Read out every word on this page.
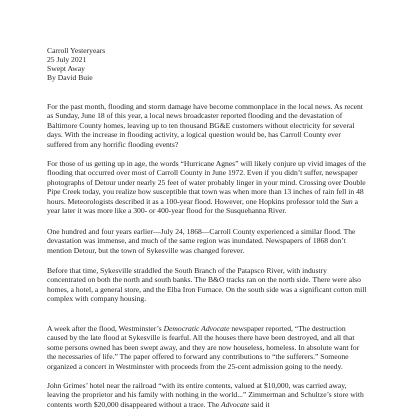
Carroll Yesteryears
25 July 2021
Swept Away
By David Buie

For the past month, flooding and storm damage have become commonplace in the local news. As recent as Sunday, June 18 of this year, a local news broadcaster reported flooding and the devastation of Baltimore County homes, leaving up to ten thousand BG&E customers without electricity for several days. With the increase in flooding activity, a logical question would be, has Carroll County ever suffered from any horrific flooding events?

For those of us getting up in age, the words “Hurricane Agnes” will likely conjure up vivid images of the flooding that occurred over most of Carroll County in June 1972. Even if you didn’t suffer, newspaper photographs of Detour under nearly 25 feet of water probably linger in your mind. Crossing over Double Pipe Creek today, you realize how susceptible that town was when more than 13 inches of rain fell in 48 hours. Meteorologists described it as a 100-year flood. However, one Hopkins professor told the Sun a year later it was more like a 300- or 400-year flood for the Susquehanna River.

One hundred and four years earlier—July 24, 1868—Carroll County experienced a similar flood. The devastation was immense, and much of the same region was inundated. Newspapers of 1868 don’t mention Detour, but the town of Sykesville was changed forever.

Before that time, Sykesville straddled the South Branch of the Patapsco River, with industry concentrated on both the north and south banks. The B&O tracks ran on the north side. There were also homes, a hotel, a general store, and the Elba Iron Furnace. On the south side was a significant cotton mill complex with company housing.

A week after the flood, Westminster’s Democratic Advocate newspaper reported, “The destruction caused by the late flood at Sykesville is fearful. All the houses there have been destroyed, and all that some persons owned has been swept away, and they are now houseless, homeless. In absolute want for the necessaries of life.” The paper offered to forward any contributions to “the sufferers.” Someone organized a concert in Westminster with proceeds from the 25-cent admission going to the needy.

John Grimes’ hotel near the railroad “with its entire contents, valued at $10,000, was carried away, leaving the proprietor and his family with nothing in the world...” Zimmerman and Schultze’s store with contents worth $20,000 disappeared without a trace. The Advocate said it
